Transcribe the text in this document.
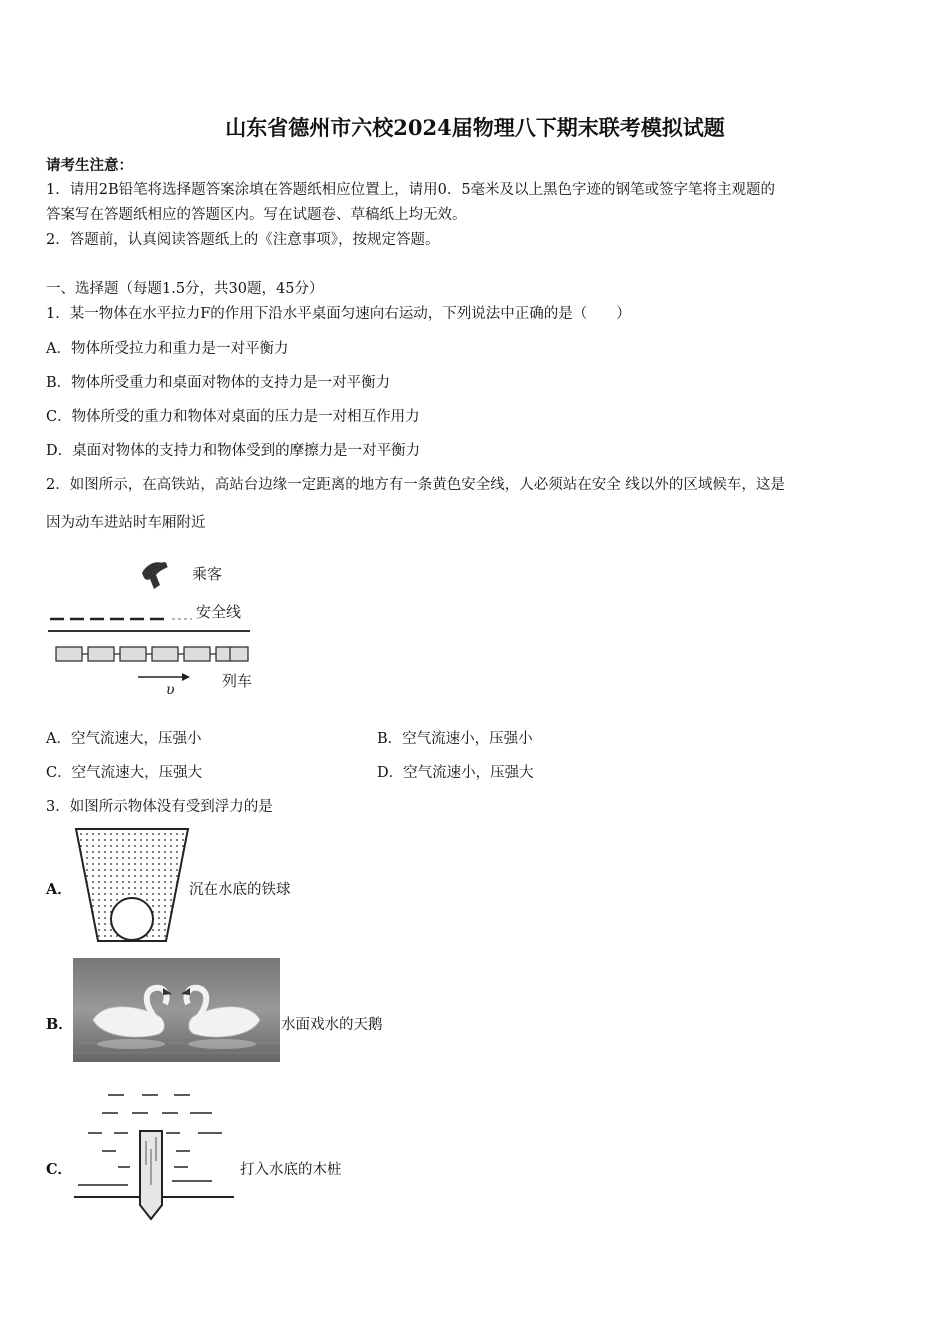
山东省德州市六校2024届物理八下期末联考模拟试题
请考生注意：
1．请用2B铅笔将选择题答案涂填在答题纸相应位置上，请用0．5毫米及以上黑色字迹的钢笔或签字笔将主观题的
答案写在答题纸相应的答题区内。写在试题卷、草稿纸上均无效。
2．答题前，认真阅读答题纸上的《注意事项》，按规定答题。
一、选择题（每题1.5分，共30题，45分）
1．某一物体在水平拉力F的作用下沿水平桌面匀速向右运动，下列说法中正确的是（　　）
A．物体所受拉力和重力是一对平衡力
B．物体所受重力和桌面对物体的支持力是一对平衡力
C．物体所受的重力和物体对桌面的压力是一对相互作用力
D．桌面对物体的支持力和物体受到的摩擦力是一对平衡力
2．如图所示，在高铁站，高站台边缘一定距离的地方有一条黄色安全线，人必须站在安全 线以外的区域候车，这是
因为动车进站时车厢附近
乘客
安全线
列车
υ
A．空气流速大，压强小	B．空气流速小，压强小
C．空气流速大，压强大	D．空气流速小，压强大
3．如图所示物体没有受到浮力的是
A．	沉在水底的铁球
B．	水面戏水的天鹅
C．	打入水底的木桩
